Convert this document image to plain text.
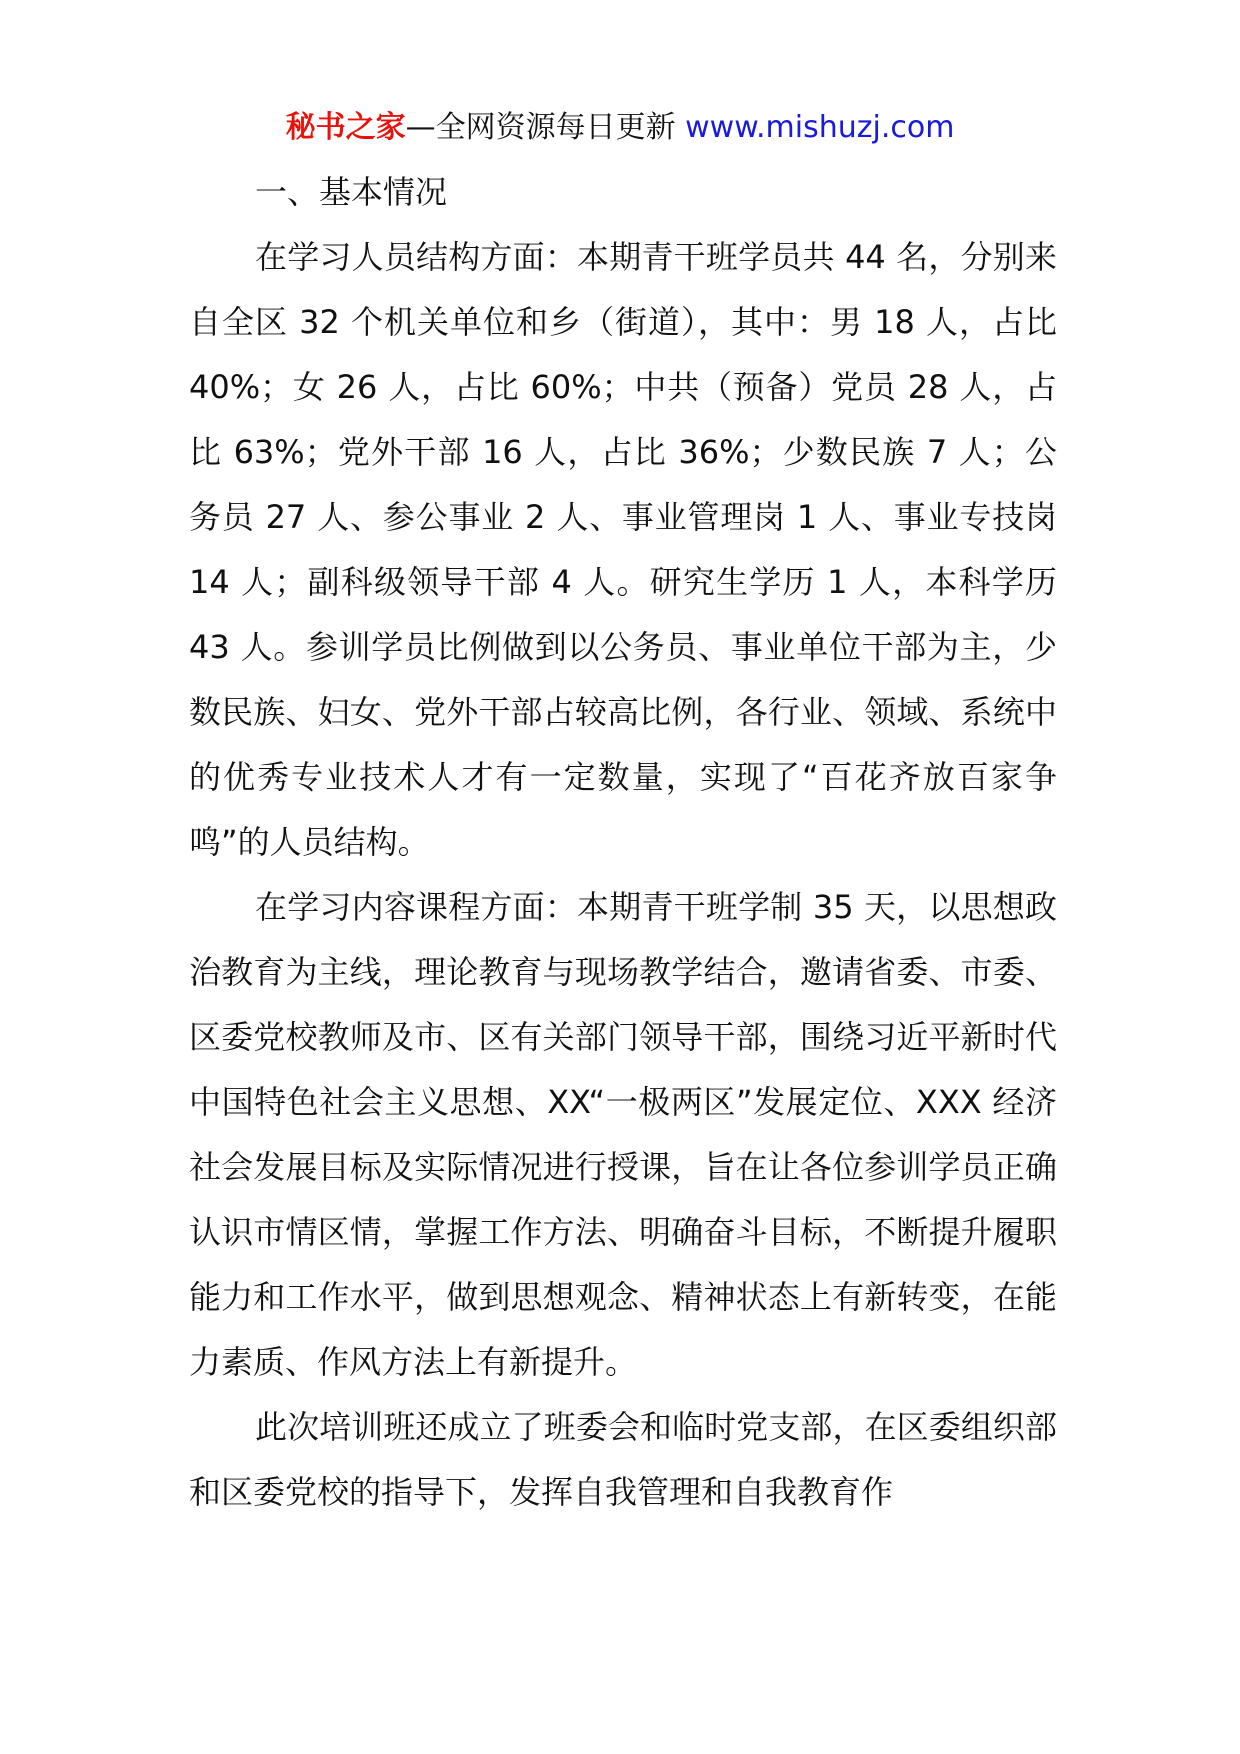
秘书之家—全网资源每日更新 www.mishuzj.com

一、基本情况

在学习人员结构方面：本期青干班学员共 44 名，分别来自全区 32 个机关单位和乡（街道），其中：男 18 人，占比 40%；女 26 人，占比 60%；中共（预备）党员 28 人，占比 63%；党外干部 16 人，占比 36%；少数民族 7 人；公务员 27 人、参公事业 2 人、事业管理岗 1 人、事业专技岗 14 人；副科级领导干部 4 人。研究生学历 1 人，本科学历 43 人。参训学员比例做到以公务员、事业单位干部为主，少数民族、妇女、党外干部占较高比例，各行业、领域、系统中的优秀专业技术人才有一定数量，实现了“百花齐放百家争鸣”的人员结构。

在学习内容课程方面：本期青干班学制 35 天，以思想政治教育为主线，理论教育与现场教学结合，邀请省委、市委、区委党校教师及市、区有关部门领导干部，围绕习近平新时代中国特色社会主义思想、XX“一极两区”发展定位、XXX 经济社会发展目标及实际情况进行授课，旨在让各位参训学员正确认识市情区情，掌握工作方法、明确奋斗目标，不断提升履职能力和工作水平，做到思想观念、精神状态上有新转变，在能力素质、作风方法上有新提升。

此次培训班还成立了班委会和临时党支部，在区委组织部和区委党校的指导下，发挥自我管理和自我教育作
